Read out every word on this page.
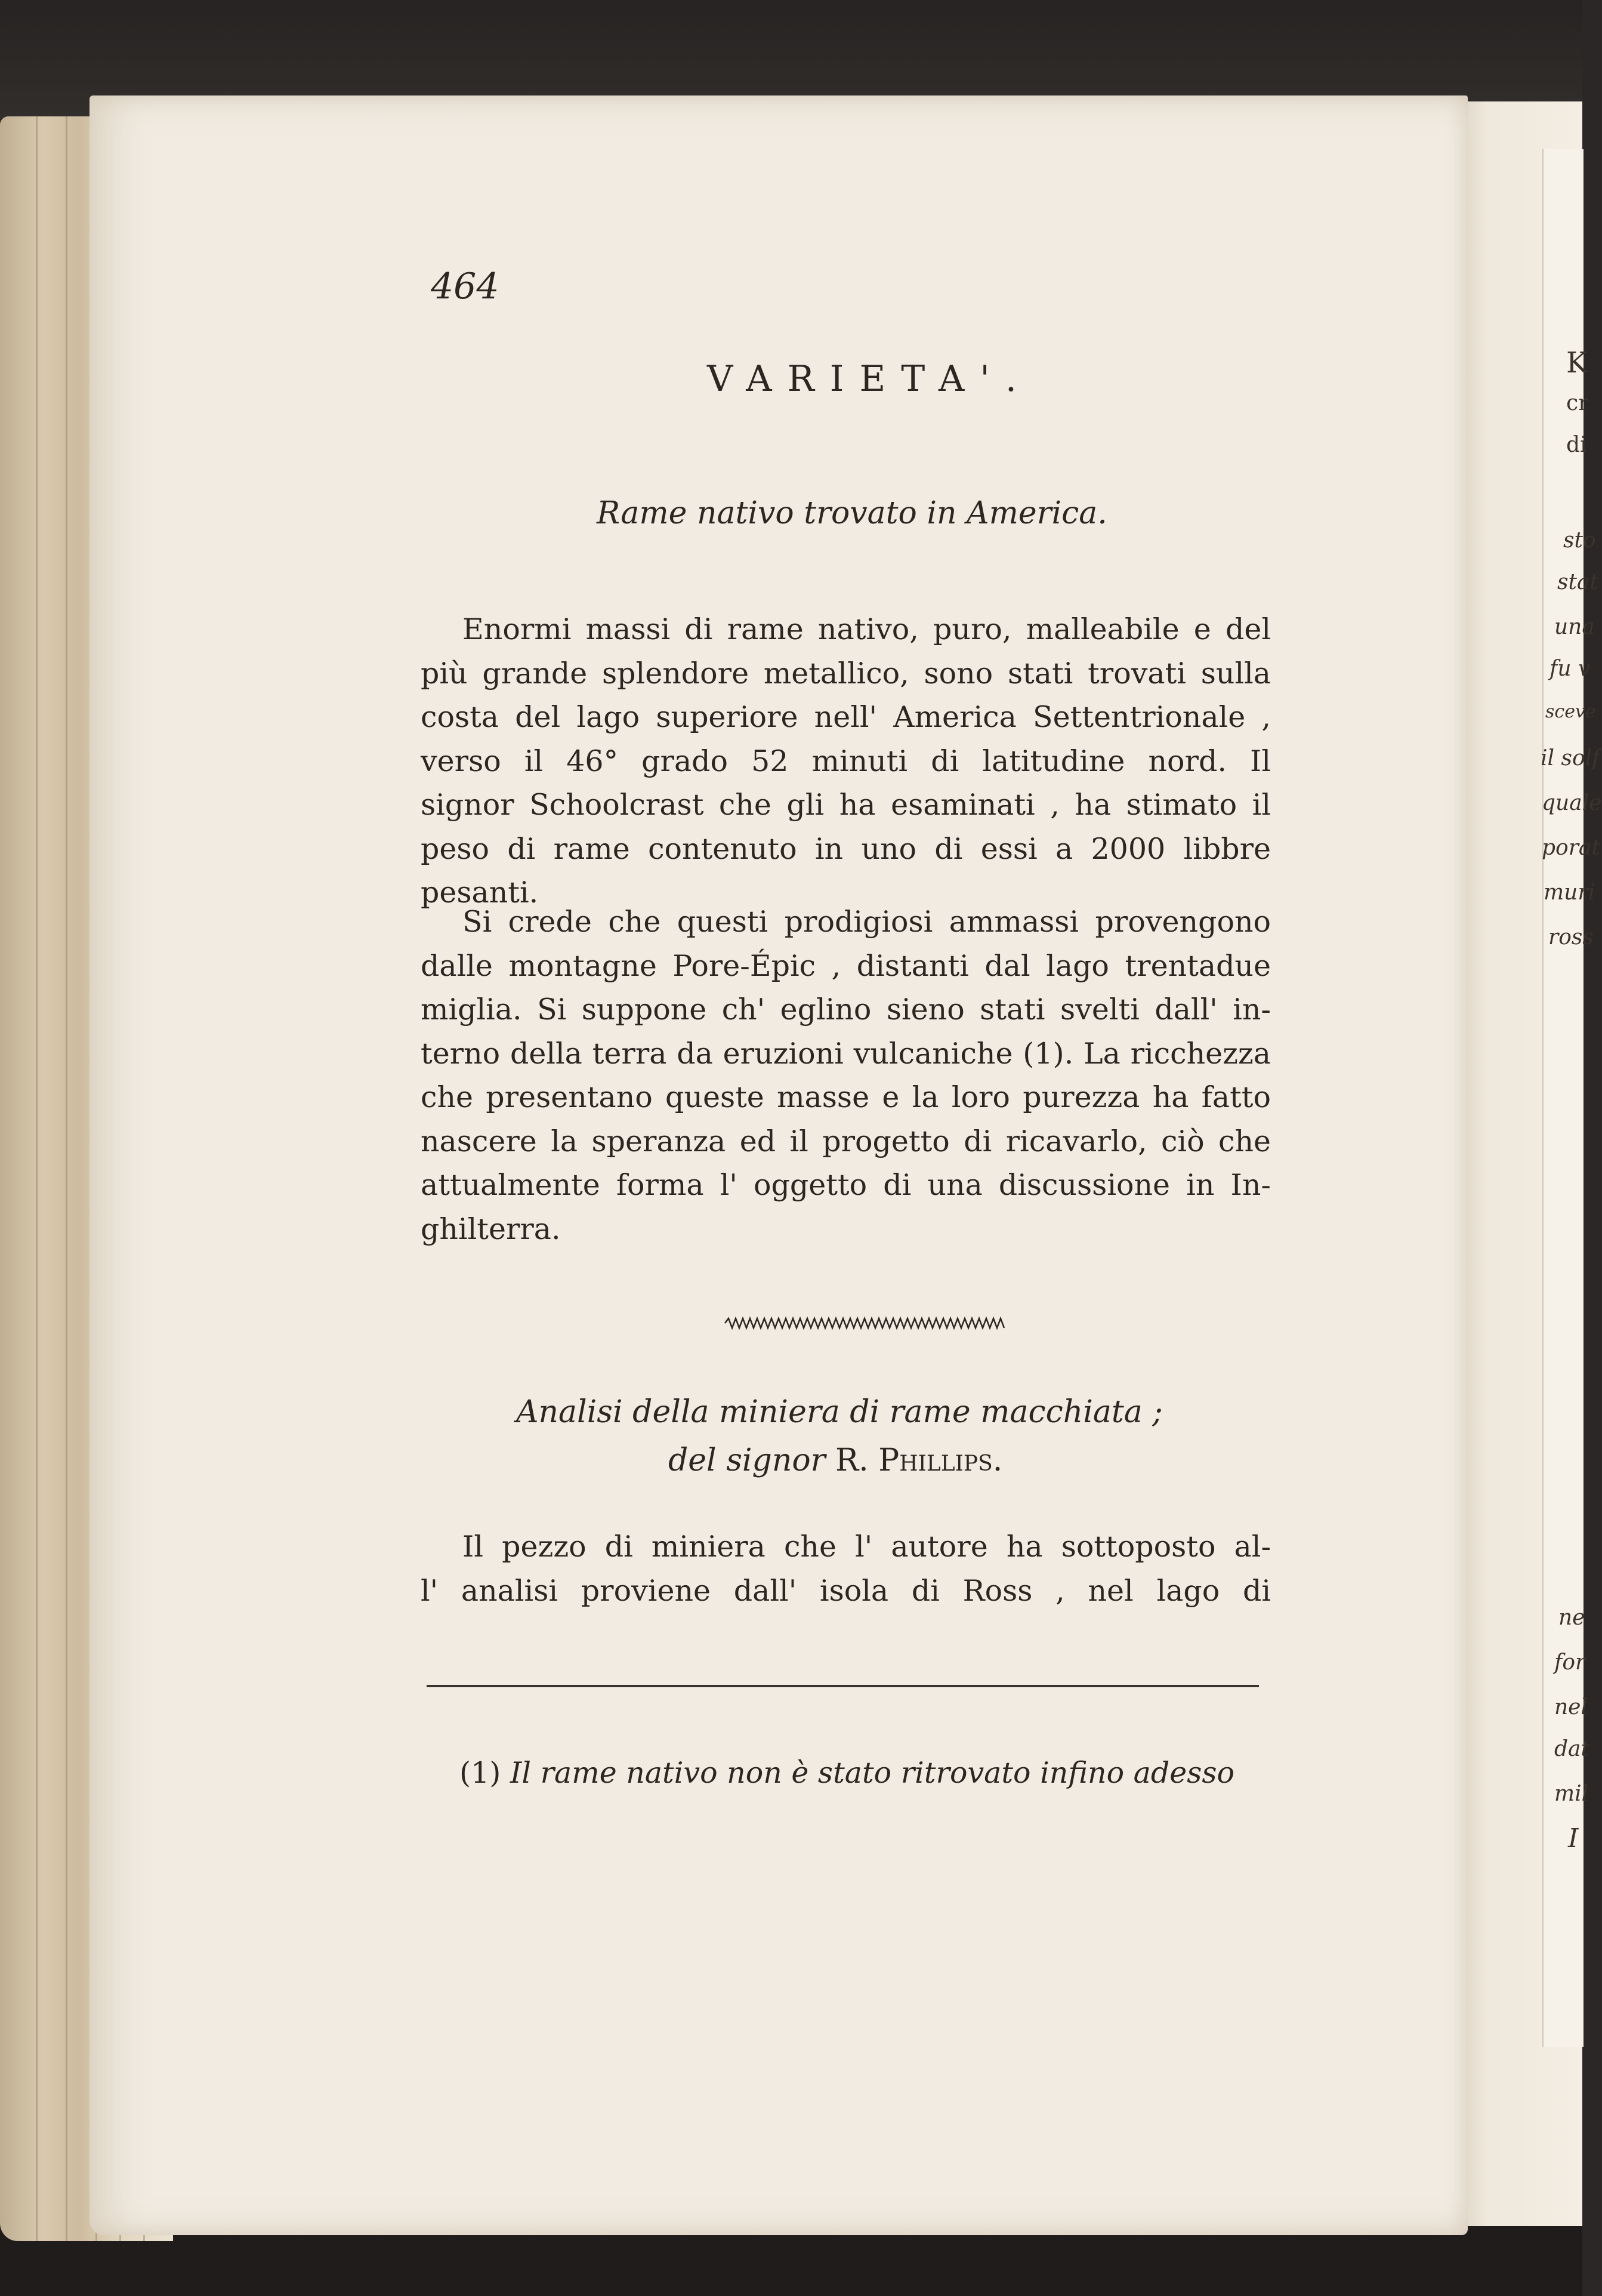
464

VARIETA'.
Rame nativo trovato in America.
Enormi massi di rame nativo, puro, malleabile e del
più grande splendore metallico, sono stati trovati sulla
costa del lago superiore nell' America Settentrionale ,
verso il 46° grado 52 minuti di latitudine nord. Il
signor Schoolcrast che gli ha esaminati , ha stimato il
peso di rame contenuto in uno di essi a 2000 libbre
pesanti.
Si crede che questi prodigiosi ammassi provengono
dalle montagne Pore-Épic , distanti dal lago trentadue
miglia. Si suppone ch' eglino sieno stati svelti dall' in-
terno della terra da eruzioni vulcaniche (1). La ricchezza
che presentano queste masse e la loro purezza ha fatto
nascere la speranza ed il progetto di ricavarlo, ciò che
attualmente forma l' oggetto di una discussione in In-
ghilterra.
Analisi della miniera di rame macchiata ;

del signor R. Phillips.

Il pezzo di miniera che l' autore ha sottoposto al-
l' analisi proviene dall' isola di Ross , nel lago di

(1) Il rame nativo non è stato ritrovato infino adesso

K

cr

di

sto

stat

una

fu v

sceve

il solf

quale

porat

muri

ross

ne

for

nel

dat

mil

I
